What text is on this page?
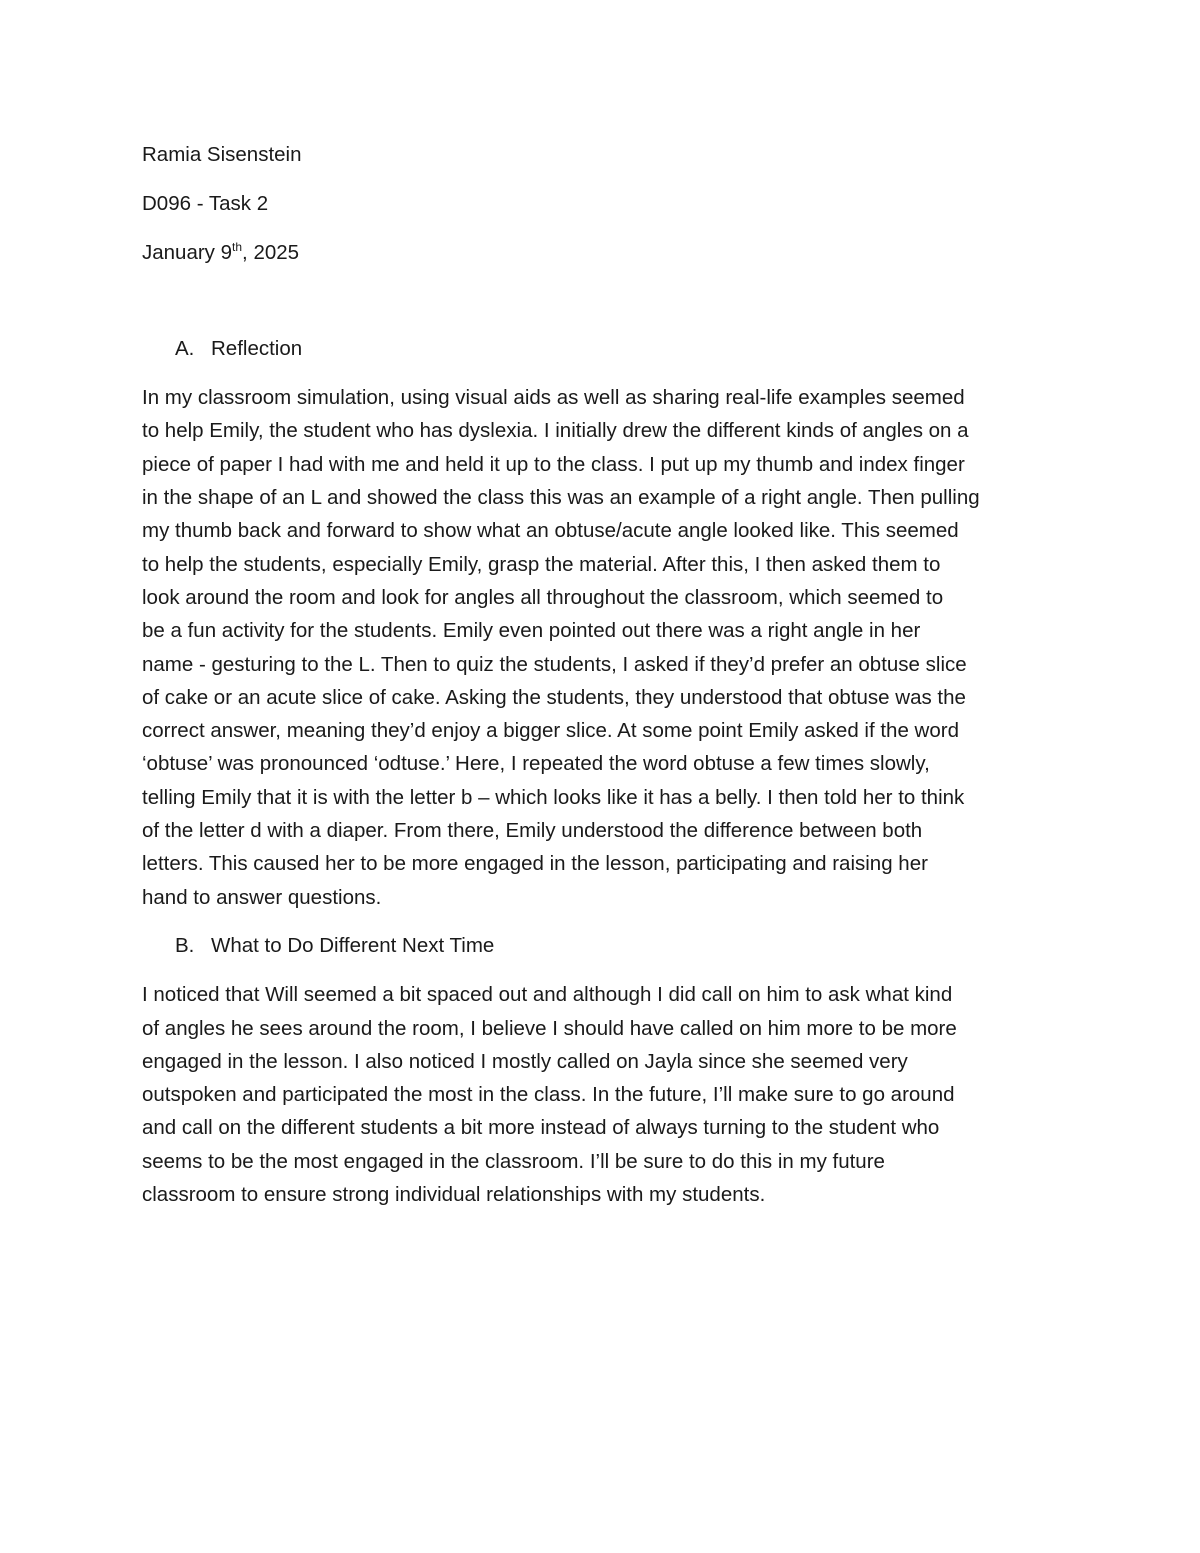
Ramia Sisenstein
D096 - Task 2
January 9th, 2025
A. Reflection
In my classroom simulation, using visual aids as well as sharing real-life examples seemed
to help Emily, the student who has dyslexia. I initially drew the different kinds of angles on a
piece of paper I had with me and held it up to the class. I put up my thumb and index finger
in the shape of an L and showed the class this was an example of a right angle. Then pulling
my thumb back and forward to show what an obtuse/acute angle looked like. This seemed
to help the students, especially Emily, grasp the material. After this, I then asked them to
look around the room and look for angles all throughout the classroom, which seemed to
be a fun activity for the students. Emily even pointed out there was a right angle in her
name - gesturing to the L. Then to quiz the students, I asked if they’d prefer an obtuse slice
of cake or an acute slice of cake. Asking the students, they understood that obtuse was the
correct answer, meaning they’d enjoy a bigger slice. At some point Emily asked if the word
‘obtuse’ was pronounced ‘odtuse.’ Here, I repeated the word obtuse a few times slowly,
telling Emily that it is with the letter b – which looks like it has a belly. I then told her to think
of the letter d with a diaper. From there, Emily understood the difference between both
letters. This caused her to be more engaged in the lesson, participating and raising her
hand to answer questions.
B. What to Do Different Next Time
I noticed that Will seemed a bit spaced out and although I did call on him to ask what kind
of angles he sees around the room, I believe I should have called on him more to be more
engaged in the lesson. I also noticed I mostly called on Jayla since she seemed very
outspoken and participated the most in the class. In the future, I’ll make sure to go around
and call on the different students a bit more instead of always turning to the student who
seems to be the most engaged in the classroom. I’ll be sure to do this in my future
classroom to ensure strong individual relationships with my students.
